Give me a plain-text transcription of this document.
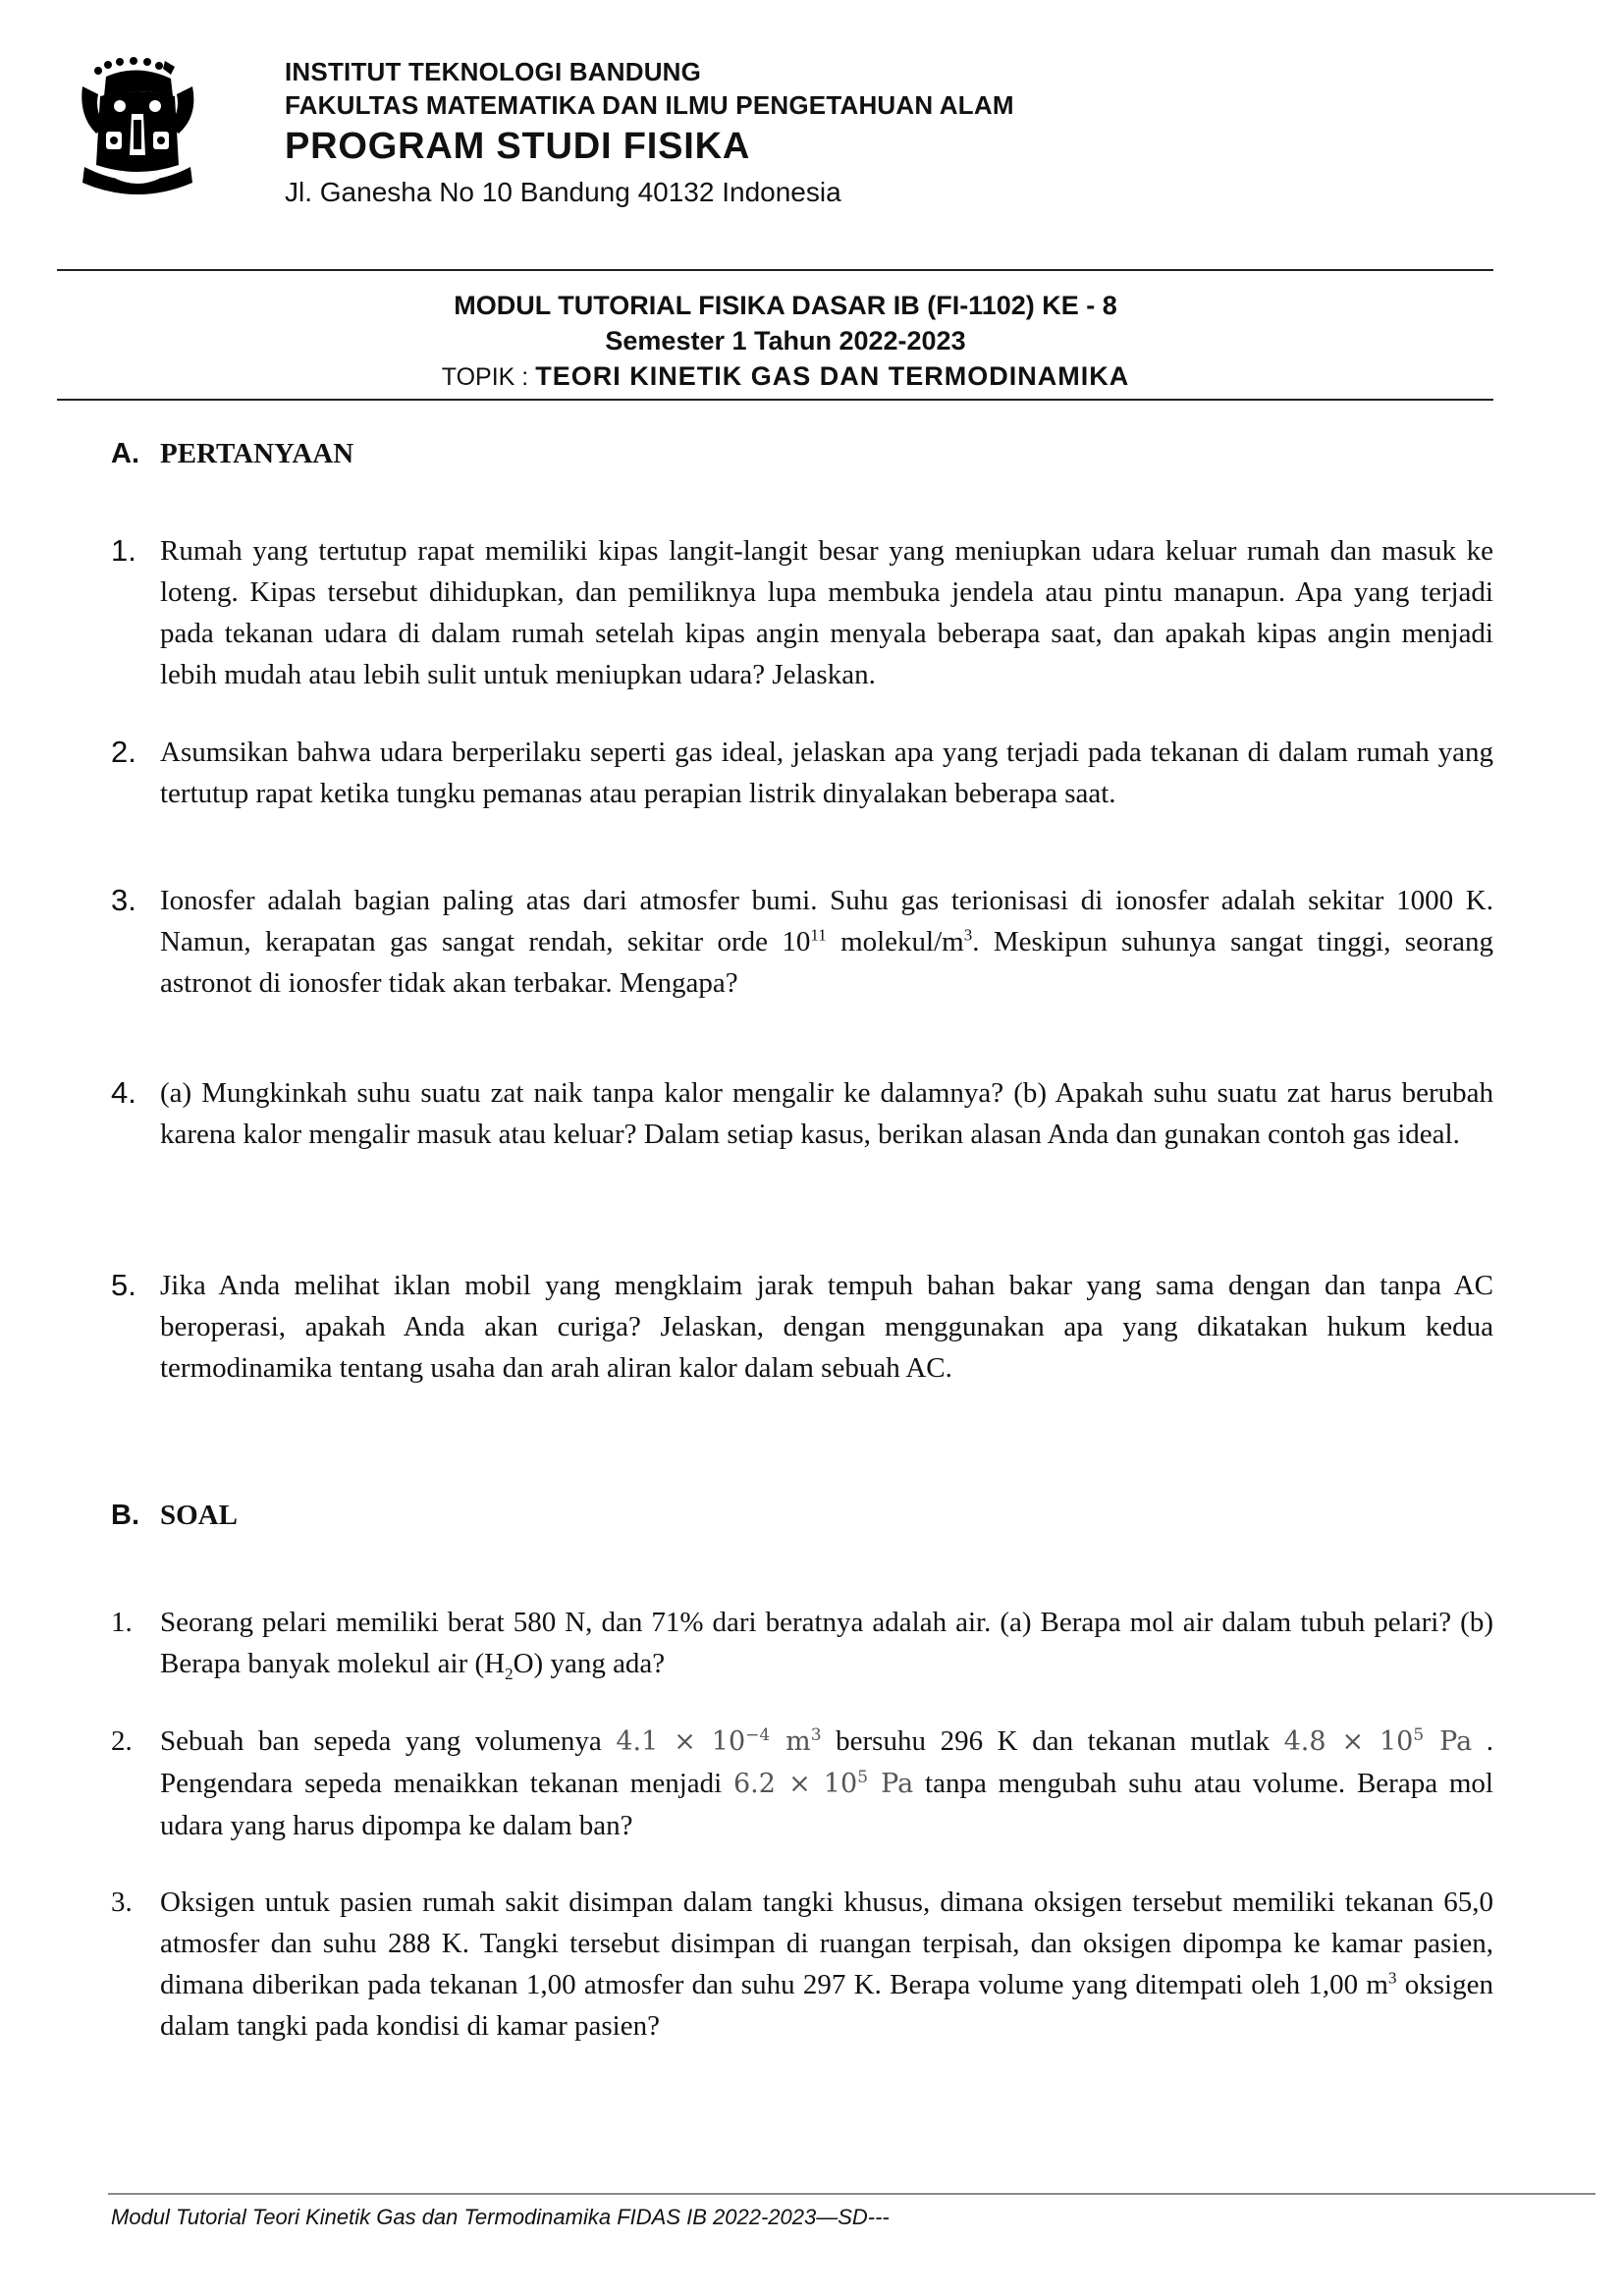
INSTITUT TEKNOLOGI BANDUNG
FAKULTAS MATEMATIKA DAN ILMU PENGETAHUAN ALAM
PROGRAM STUDI FISIKA
Jl. Ganesha No 10 Bandung 40132 Indonesia
MODUL TUTORIAL FISIKA DASAR IB (FI-1102) KE - 8
Semester 1 Tahun 2022-2023
TOPIK : TEORI KINETIK GAS DAN TERMODINAMIKA
A. PERTANYAAN
1. Rumah yang tertutup rapat memiliki kipas langit-langit besar yang meniupkan udara keluar rumah dan masuk ke loteng. Kipas tersebut dihidupkan, dan pemiliknya lupa membuka jendela atau pintu manapun. Apa yang terjadi pada tekanan udara di dalam rumah setelah kipas angin menyala beberapa saat, dan apakah kipas angin menjadi lebih mudah atau lebih sulit untuk meniupkan udara? Jelaskan.
2. Asumsikan bahwa udara berperilaku seperti gas ideal, jelaskan apa yang terjadi pada tekanan di dalam rumah yang tertutup rapat ketika tungku pemanas atau perapian listrik dinyalakan beberapa saat.
3. Ionosfer adalah bagian paling atas dari atmosfer bumi. Suhu gas terionisasi di ionosfer adalah sekitar 1000 K. Namun, kerapatan gas sangat rendah, sekitar orde $10^{11}$ molekul/$m^3$. Meskipun suhunya sangat tinggi, seorang astronot di ionosfer tidak akan terbakar. Mengapa?
4. (a) Mungkinkah suhu suatu zat naik tanpa kalor mengalir ke dalamnya? (b) Apakah suhu suatu zat harus berubah karena kalor mengalir masuk atau keluar? Dalam setiap kasus, berikan alasan Anda dan gunakan contoh gas ideal.
5. Jika Anda melihat iklan mobil yang mengklaim jarak tempuh bahan bakar yang sama dengan dan tanpa AC beroperasi, apakah Anda akan curiga? Jelaskan, dengan menggunakan apa yang dikatakan hukum kedua termodinamika tentang usaha dan arah aliran kalor dalam sebuah AC.
B. SOAL
1. Seorang pelari memiliki berat 580 N, dan 71% dari beratnya adalah air. (a) Berapa mol air dalam tubuh pelari? (b) Berapa banyak molekul air $(H_2O)$ yang ada?
2. Sebuah ban sepeda yang volumenya $4.1 \times 10^{-4}$ $m^3$ bersuhu 296 K dan tekanan mutlak $4.8 \times 10^5$ Pa . Pengendara sepeda menaikkan tekanan menjadi $6.2 \times 10^5$ Pa tanpa mengubah suhu atau volume. Berapa mol udara yang harus dipompa ke dalam ban?
3. Oksigen untuk pasien rumah sakit disimpan dalam tangki khusus, dimana oksigen tersebut memiliki tekanan 65,0 atmosfer dan suhu 288 K. Tangki tersebut disimpan di ruangan terpisah, dan oksigen dipompa ke kamar pasien, dimana diberikan pada tekanan 1,00 atmosfer dan suhu 297 K. Berapa volume yang ditempati oleh 1,00 $m^3$ oksigen dalam tangki pada kondisi di kamar pasien?
Modul Tutorial Teori Kinetik Gas dan Termodinamika FIDAS IB 2022-2023—SD---
